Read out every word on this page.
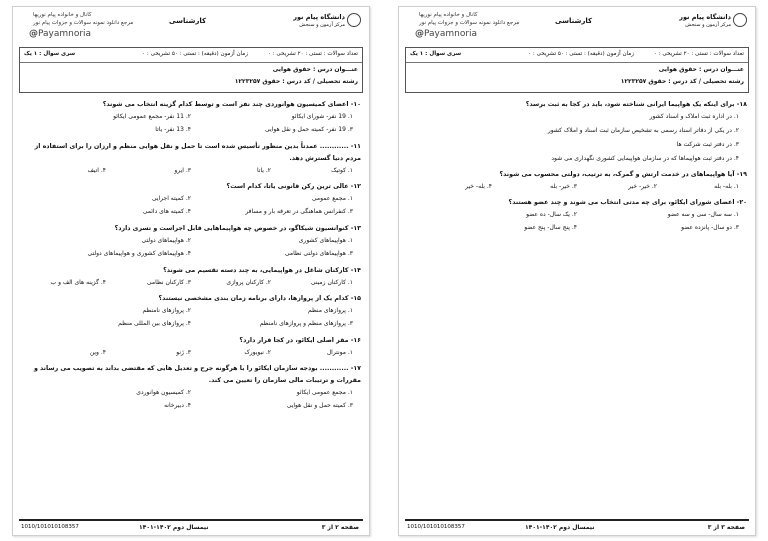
دانشگاه پیام نور
مرکز آزمون و سنجش
کارشناسی
کانال و خانواده پیام نوریها
مرجع دانلود نمونه سوالات و جزوات پیام نور
@Payamnoria
تعداد سوالات : تستی : ۲۰ تشریحی : ۰
زمان آزمون (دقیقه) : تستی : ۵۰ تشریحی : ۰
سری سوال : ۱ یک
عنـــوان درس : حقوق هوایی
رشته تحصیلی / کد درس : حقوق ۱۲۲۳۲۵۷
۱۰- اعضای کمیسیون هوانوردی چند نفر است و توسط کدام گزینه انتخاب می شوند؟
۱. 19 نفر- شورای ایکائو
۲. 11 نفر- مجمع عمومی ایکائو
۳. 19 نفر- کمیته حمل و نقل هوایی
۴. 13 نفر- یاتا
۱۱- ............ عمدتاً بدین منظور تأسیس شده است تا حمل و نقل هوایی منظم و ارزان را برای استفاده از مردم دنیا گسترش دهد.
۱. کوتیک
۲. یاتا
۳. ایرو
۴. اتیف
۱۲- عالی ترین رکن قانونی یاتا، کدام است؟
۱. مجمع عمومی
۲. کمیته اجرایی
۳. کنفرانس هماهنگی در تعرفه بار و مسافر
۴. کمیته های دائمی
۱۳- کنوانسیون شیکاگو، در خصوص چه هواپیماهایی قابل اجراست و تسری دارد؟
۱. هواپیماهای کشوری
۲. هواپیماهای دولتی
۳. هواپیماهای دولتی نظامی
۴. هواپیماهای کشوری و هواپیماهای دولتی
۱۴- کارکنان شاغل در هواپیمایی، به چند دسته تقسیم می شوند؟
۱. کارکنان زمینی
۲. کارکنان پروازی
۳. کارکنان نظامی
۴. گزینه های الف و ب
۱۵- کدام یک از پروازها، دارای برنامه زمان بندی مشخصی نیستند؟
۱. پروازهای منظم
۲. پروازهای نامنظم
۳. پروازهای منظم و پروازهای نامنظم
۴. پروازهای بین المللی منظم
۱۶- مقر اصلی ایکائو، در کجا قرار دارد؟
۱. مونترال
۲. نیویورک
۳. ژنو
۴. وین
۱۷- ............ بودجه سازمان ایکائو را با هرگونه جرح و تعدیل هایی که مقتضی بداند به تصویب می رساند و مقررات و ترتیبات مالی سازمان را تعیین می کند.
۱. مجمع عمومی ایکائو
۲. کمیسیون هوانوردی
۳. کمیته حمل و نقل هوایی
۴. دبیرخانه
صفحه ۲ از ۳
نیمسال دوم ۱۴۰۲-۱۴۰۱
1010/101010108357
دانشگاه پیام نور
مرکز آزمون و سنجش
کارشناسی
کانال و خانواده پیام نوریها
مرجع دانلود نمونه سوالات و جزوات پیام نور
@Payamnoria
تعداد سوالات : تستی : ۲۰ تشریحی : ۰
زمان آزمون (دقیقه) : تستی : ۵۰ تشریحی : ۰
سری سوال : ۱ یک
عنـــوان درس : حقوق هوایی
رشته تحصیلی / کد درس : حقوق ۱۲۲۳۲۵۷
۱۸- برای اینکه یک هواپیما ایرانی شناخته شود، باید در کجا به ثبت برسد؟
۱. در اداره ثبت املاک و اسناد کشور
۲. در یکی از دفاتر اسناد رسمی به تشخیص سازمان ثبت اسناد و املاک کشور
۳. در دفتر ثبت شرکت ها
۴. در دفتر ثبت هواپیماها که در سازمان هواپیمایی کشوری نگهداری می شود
۱۹- آیا هواپیماهای در خدمت ارتش و گمرک، به ترتیب، دولتی محسوب می شوند؟
۱. بله- بله
۲. خیر- خیر
۳. خیر- بله
۴. بله- خیر
۲۰- اعضای شورای ایکائو، برای چه مدتی انتخاب می شوند و چند عضو هستند؟
۱. سه سال- سی و سه عضو
۲. یک سال- ده عضو
۳. دو سال- پانزده عضو
۴. پنج سال- پنج عضو
صفحه ۳ از ۳
نیمسال دوم ۱۴۰۲-۱۴۰۱
1010/101010108357
